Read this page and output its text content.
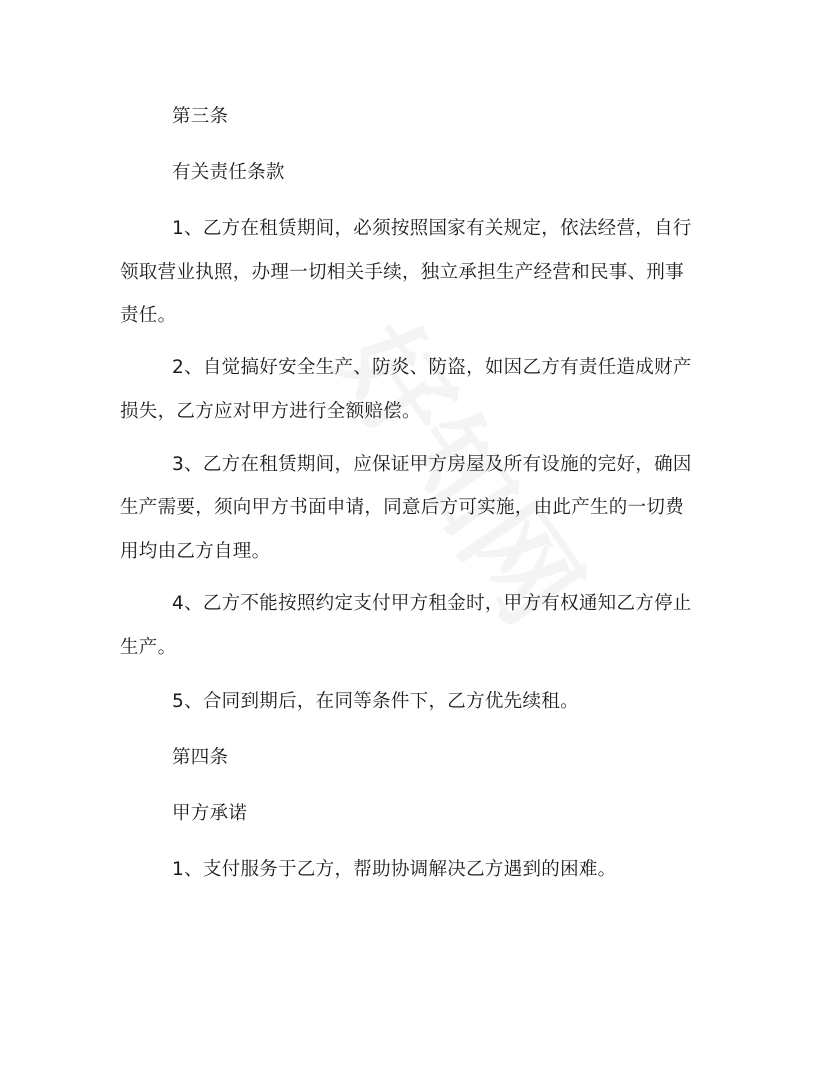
第三条
有关责任条款
1、乙方在租赁期间，必须按照国家有关规定，依法经营，自行
领取营业执照，办理一切相关手续，独立承担生产经营和民事、刑事
责任。
2、自觉搞好安全生产、防炎、防盗，如因乙方有责任造成财产
损失，乙方应对甲方进行全额赔偿。
3、乙方在租赁期间，应保证甲方房屋及所有设施的完好，确因
生产需要，须向甲方书面申请，同意后方可实施，由此产生的一切费
用均由乙方自理。
4、乙方不能按照约定支付甲方租金时，甲方有权通知乙方停止
生产。
5、合同到期后，在同等条件下，乙方优先续租。
第四条
甲方承诺
1、支付服务于乙方，帮助协调解决乙方遇到的困难。
